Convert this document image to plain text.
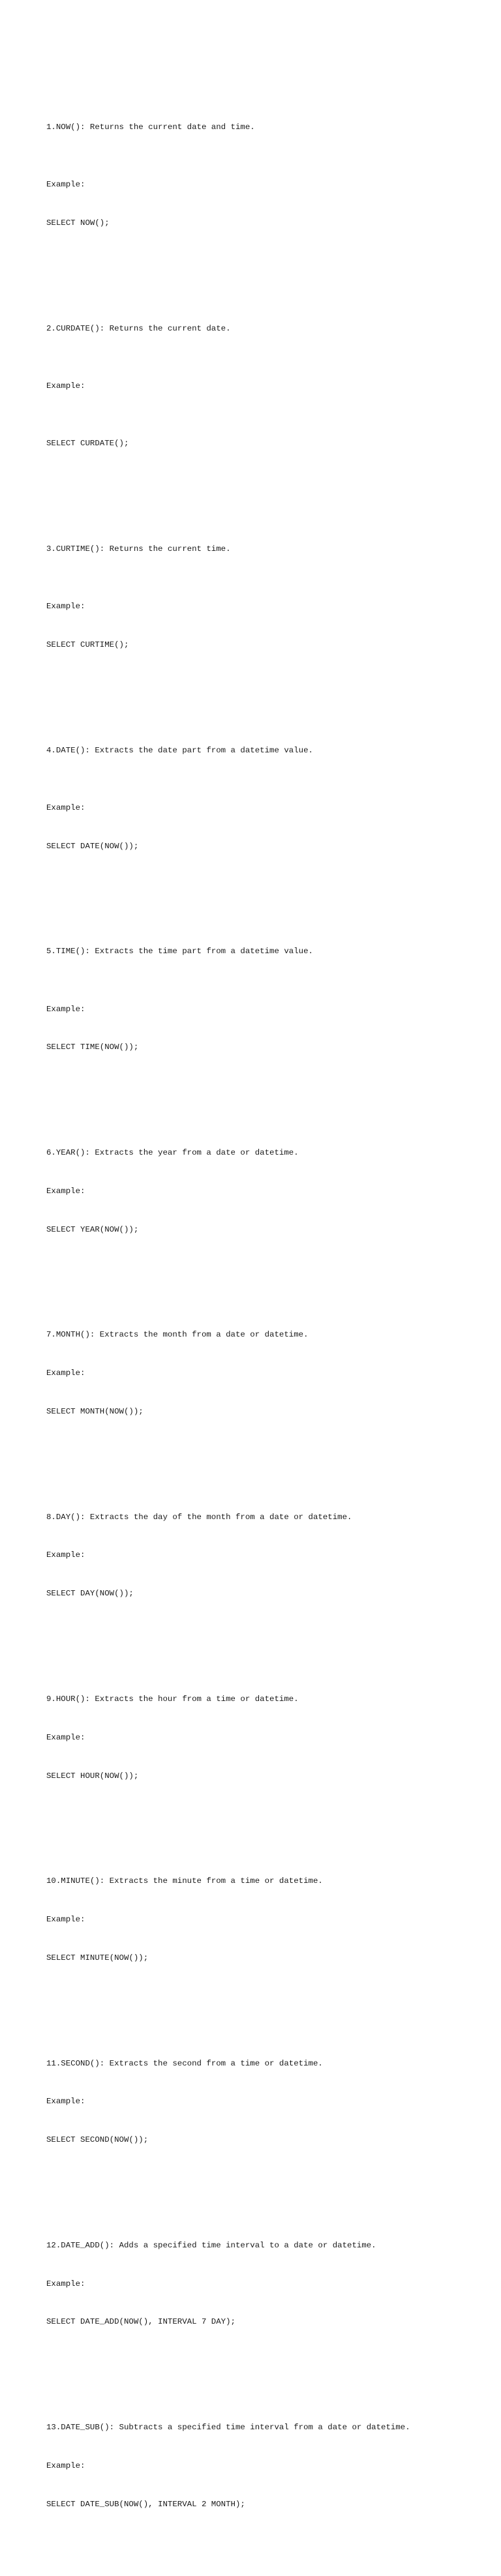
1.NOW(): Returns the current date and time.

Example:

SELECT NOW();

2.CURDATE(): Returns the current date.

Example:

SELECT CURDATE();

3.CURTIME(): Returns the current time.

Example:

SELECT CURTIME();

4.DATE(): Extracts the date part from a datetime value.

Example:

SELECT DATE(NOW());

5.TIME(): Extracts the time part from a datetime value.

Example:

SELECT TIME(NOW());

6.YEAR(): Extracts the year from a date or datetime.

Example:

SELECT YEAR(NOW());

7.MONTH(): Extracts the month from a date or datetime.

Example:

SELECT MONTH(NOW());

8.DAY(): Extracts the day of the month from a date or datetime.

Example:

SELECT DAY(NOW());

9.HOUR(): Extracts the hour from a time or datetime.

Example:

SELECT HOUR(NOW());

10.MINUTE(): Extracts the minute from a time or datetime.

Example:

SELECT MINUTE(NOW());

11.SECOND(): Extracts the second from a time or datetime.

Example:

SELECT SECOND(NOW());

12.DATE_ADD(): Adds a specified time interval to a date or datetime.

Example:

SELECT DATE_ADD(NOW(), INTERVAL 7 DAY);

13.DATE_SUB(): Subtracts a specified time interval from a date or datetime.

Example:

SELECT DATE_SUB(NOW(), INTERVAL 2 MONTH);
